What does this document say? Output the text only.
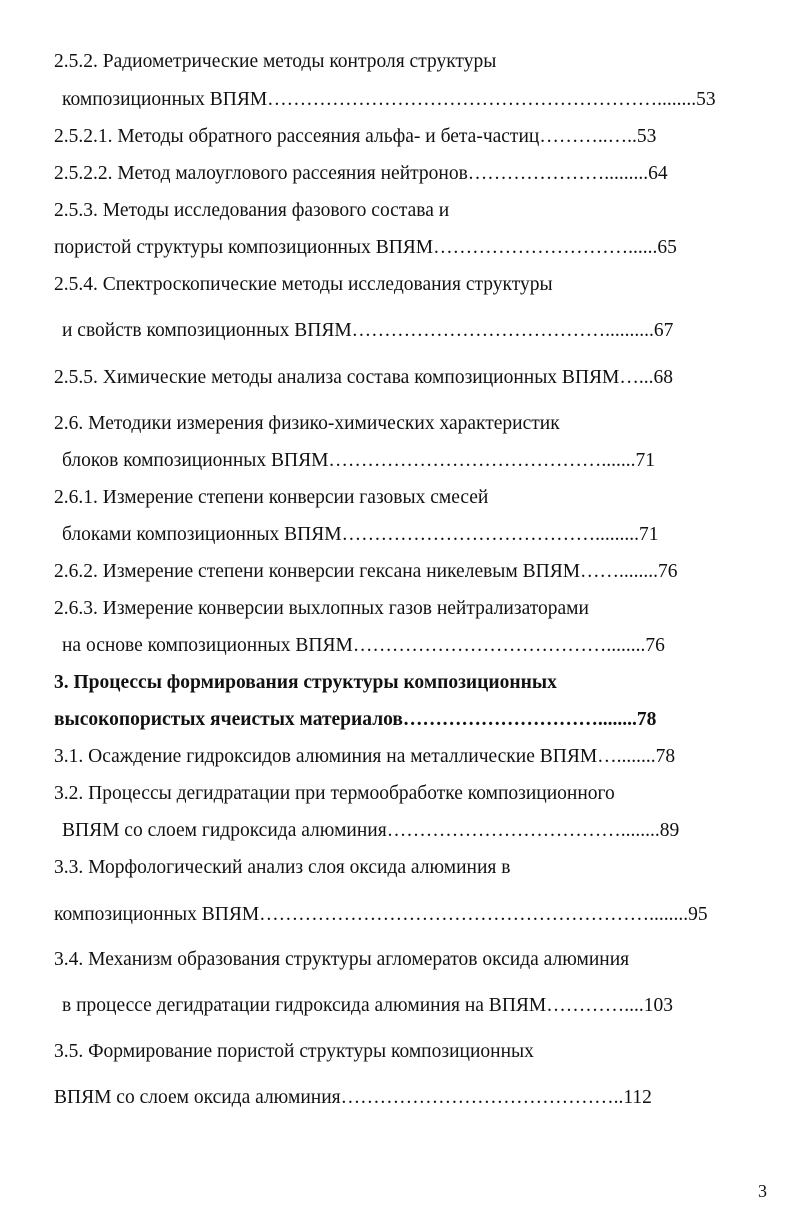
2.5.2. Радиометрические методы контроля структуры
композиционных ВПЯМ……………………………………………………........53
2.5.2.1. Методы обратного рассеяния альфа- и бета-частиц………..…..53
2.5.2.2. Метод малоуглового рассеяния нейтронов………………….........64
2.5.3. Методы исследования фазового состава и
пористой структуры композиционных ВПЯМ…………………………......65
2.5.4. Спектроскопические методы исследования структуры
и свойств композиционных ВПЯМ…………………………………..........67
2.5.5. Химические методы анализа состава композиционных ВПЯМ…...68
2.6. Методики измерения физико-химических характеристик
блоков композиционных ВПЯМ…………………………………….......71
2.6.1. Измерение степени конверсии газовых смесей
блоками композиционных ВПЯМ………………………………….........71
2.6.2. Измерение степени конверсии гексана никелевым ВПЯМ……........76
2.6.3. Измерение конверсии выхлопных газов нейтрализаторами
на основе композиционных ВПЯМ…………………………………........76
3. Процессы формирования структуры композиционных
высокопористых ячеистых материалов…………………………........78
3.1. Осаждение гидроксидов алюминия на металлические ВПЯМ…........78
3.2. Процессы дегидратации при термообработке композиционного
ВПЯМ со слоем гидроксида алюминия………………………………........89
3.3. Морфологический анализ слоя оксида алюминия в
композиционных ВПЯМ……………………………………………………........95
3.4. Механизм образования структуры агломератов оксида алюминия
в процессе дегидратации гидроксида алюминия на ВПЯМ…………....103
3.5. Формирование пористой структуры композиционных
ВПЯМ со слоем оксида алюминия……………………………………..112
3
